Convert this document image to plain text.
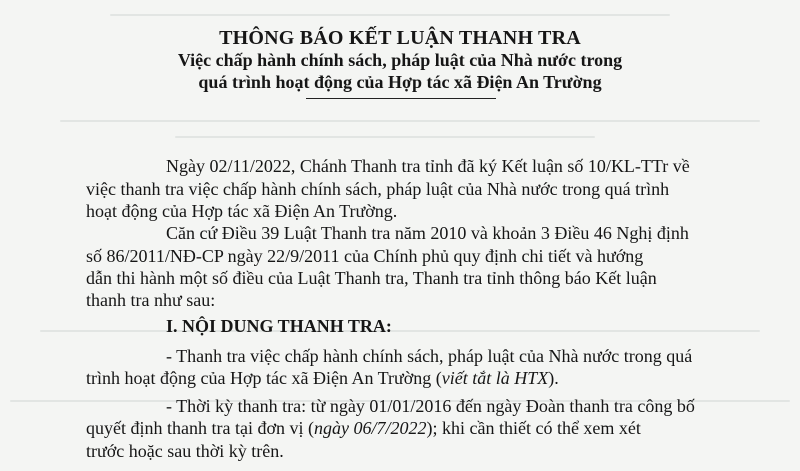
THÔNG BÁO KẾT LUẬN THANH TRA
Việc chấp hành chính sách, pháp luật của Nhà nước trong
quá trình hoạt động của Hợp tác xã Điện An Trường

Ngày 02/11/2022, Chánh Thanh tra tỉnh đã ký Kết luận số 10/KL-TTr về

việc thanh tra việc chấp hành chính sách, pháp luật của Nhà nước trong quá trình

hoạt động của Hợp tác xã Điện An Trường.

Căn cứ Điều 39 Luật Thanh tra năm 2010 và khoản 3 Điều 46 Nghị định

số 86/2011/NĐ-CP ngày 22/9/2011 của Chính phủ quy định chi tiết và hướng

dẫn thi hành một số điều của Luật Thanh tra, Thanh tra tỉnh thông báo Kết luận

thanh tra như sau:

I. NỘI DUNG THANH TRA:

- Thanh tra việc chấp hành chính sách, pháp luật của Nhà nước trong quá

trình hoạt động của Hợp tác xã Điện An Trường (viết tắt là HTX).

- Thời kỳ thanh tra: từ ngày 01/01/2016 đến ngày Đoàn thanh tra công bố

quyết định thanh tra tại đơn vị (ngày 06/7/2022); khi cần thiết có thể xem xét

trước hoặc sau thời kỳ trên.
